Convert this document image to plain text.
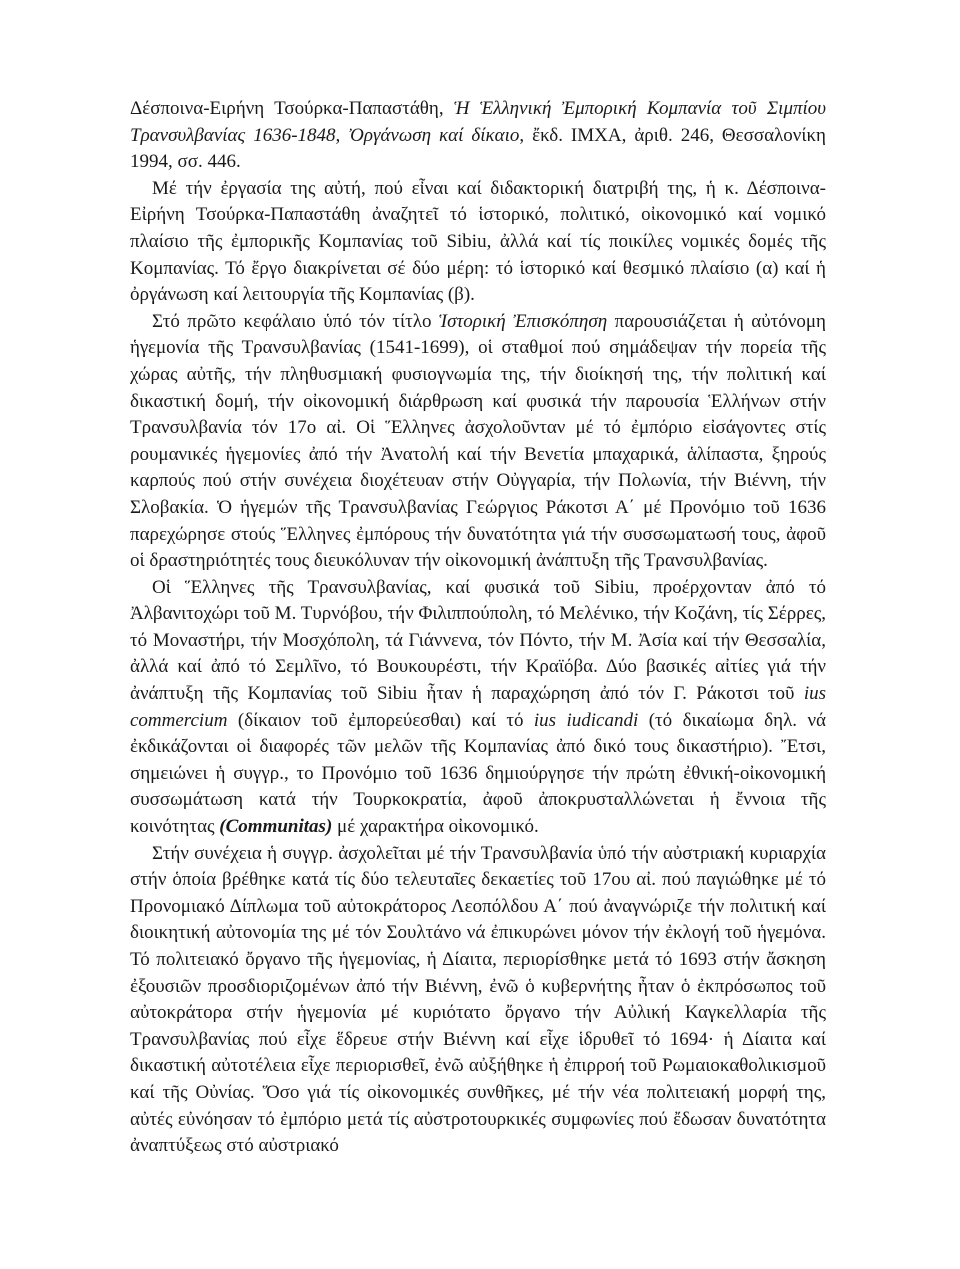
Δέσποινα-Ειρήνη Τσούρκα-Παπαστάθη, Ἡ Ἑλληνική Ἐμπορική Κομπανία τοῦ Σιμπίου Τρανσυλβανίας 1636-1848, Ὀργάνωση καί δίκαιο, ἔκδ. ΙΜΧΑ, ἀριθ. 246, Θεσσαλονίκη 1994, σσ. 446.

Μέ τήν ἐργασία της αὐτή, πού εἶναι καί διδακτορική διατριβή της, ἡ κ. Δέσποινα-Εἰρήνη Τσούρκα-Παπαστάθη ἀναζητεῖ τό ἱστορικό, πολιτικό, οἰκονομικό καί νομικό πλαίσιο τῆς ἐμπορικῆς Κομπανίας τοῦ Sibiu, ἀλλά καί τίς ποικίλες νομικές δομές τῆς Κομπανίας. Τό ἔργο διακρίνεται σέ δύο μέρη: τό ἱστορικό καί θεσμικό πλαίσιο (α) καί ἡ ὀργάνωση καί λειτουργία τῆς Κομπανίας (β).

Στό πρῶτο κεφάλαιο ὑπό τόν τίτλο Ἱστορική Ἐπισκόπηση παρουσιάζεται ἡ αὐτόνομη ἡγεμονία τῆς Τρανσυλβανίας (1541-1699), οἱ σταθμοί πού σημάδεψαν τήν πορεία τῆς χώρας αὐτῆς, τήν πληθυσμιακή φυσιογνωμία της, τήν διοίκησή της, τήν πολιτική καί δικαστική δομή, τήν οἰκονομική διάρθρωση καί φυσικά τήν παρουσία Ἑλλήνων στήν Τρανσυλβανία τόν 17ο αἰ. Οἱ Ἕλληνες ἀσχολοῦνταν μέ τό ἐμπόριο εἰσάγοντες στίς ρουμανικές ἡγεμονίες ἀπό τήν Ἀνατολή καί τήν Βενετία μπαχαρικά, ἁλίπαστα, ξηρούς καρπούς πού στήν συνέχεια διοχέτευαν στήν Οὐγγαρία, τήν Πολωνία, τήν Βιέννη, τήν Σλοβακία. Ὁ ἡγεμών τῆς Τρανσυλβανίας Γεώργιος Ράκοτσι Α΄ μέ Προνόμιο τοῦ 1636 παρεχώρησε στούς Ἕλληνες ἐμπόρους τήν δυνατότητα γιά τήν συσσωματωσή τους, ἀφοῦ οἱ δραστηριότητές τους διευκόλυναν τήν οἰκονομική ἀνάπτυξη τῆς Τρανσυλβανίας.

Οἱ Ἕλληνες τῆς Τρανσυλβανίας, καί φυσικά τοῦ Sibiu, προέρχονταν ἀπό τό Ἀλβανιτοχώρι τοῦ Μ. Τυρνόβου, τήν Φιλιππούπολη, τό Μελένικο, τήν Κοζάνη, τίς Σέρρες, τό Μοναστήρι, τήν Μοσχόπολη, τά Γιάννενα, τόν Πόντο, τήν Μ. Ἀσία καί τήν Θεσσαλία, ἀλλά καί ἀπό τό Σεμλῖνο, τό Βουκουρέστι, τήν Κραϊόβα. Δύο βασικές αἰτίες γιά τήν ἀνάπτυξη τῆς Κομπανίας τοῦ Sibiu ἦταν ἡ παραχώρηση ἀπό τόν Γ. Ράκοτσι τοῦ ius commercium (δίκαιον τοῦ ἐμπορεύεσθαι) καί τό ius iudicandi (τό δικαίωμα δηλ. νά ἐκδικάζονται οἱ διαφορές τῶν μελῶν τῆς Κομπανίας ἀπό δικό τους δικαστήριο). Ἔτσι, σημειώνει ἡ συγγρ., το Προνόμιο τοῦ 1636 δημιούργησε τήν πρώτη ἐθνική-οἰκονομική συσσωμάτωση κατά τήν Τουρκοκρατία, ἀφοῦ ἀποκρυσταλλώνεται ἡ ἔννοια τῆς κοινότητας (Communitas) μέ χαρακτήρα οἰκονομικό.

Στήν συνέχεια ἡ συγγρ. ἀσχολεῖται μέ τήν Τρανσυλβανία ὑπό τήν αὐστριακή κυριαρχία στήν ὁποία βρέθηκε κατά τίς δύο τελευταῖες δεκαετίες τοῦ 17ου αἰ. πού παγιώθηκε μέ τό Προνομιακό Δίπλωμα τοῦ αὐτοκράτορος Λεοπόλδου Α΄ πού ἀναγνώριζε τήν πολιτική καί διοικητική αὐτονομία της μέ τόν Σουλτάνο νά ἐπικυρώνει μόνον τήν ἐκλογή τοῦ ἡγεμόνα. Τό πολιτειακό ὄργανο τῆς ἡγεμονίας, ἡ Δίαιτα, περιορίσθηκε μετά τό 1693 στήν ἄσκηση ἐξουσιῶν προσδιοριζομένων ἀπό τήν Βιέννη, ἐνῶ ὁ κυβερνήτης ἦταν ὁ ἐκπρόσωπος τοῦ αὐτοκράτορα στήν ἡγεμονία μέ κυριότατο ὄργανο τήν Αὐλική Καγκελλαρία τῆς Τρανσυλβανίας πού εἶχε ἕδρευε στήν Βιέννη καί εἶχε ἱδρυθεῖ τό 1694· ἡ Δίαιτα καί δικαστική αὐτοτέλεια εἶχε περιορισθεῖ, ἐνῶ αὐξήθηκε ἡ ἐπιρροή τοῦ Ρωμαιοκαθολικισμοῦ καί τῆς Οὐνίας. Ὅσο γιά τίς οἰκονομικές συνθῆκες, μέ τήν νέα πολιτειακή μορφή της, αὐτές εὐνόησαν τό ἐμπόριο μετά τίς αὐστροτουρκικές συμφωνίες πού ἔδωσαν δυνατότητα ἀναπτύξεως στό αὐστριακό
